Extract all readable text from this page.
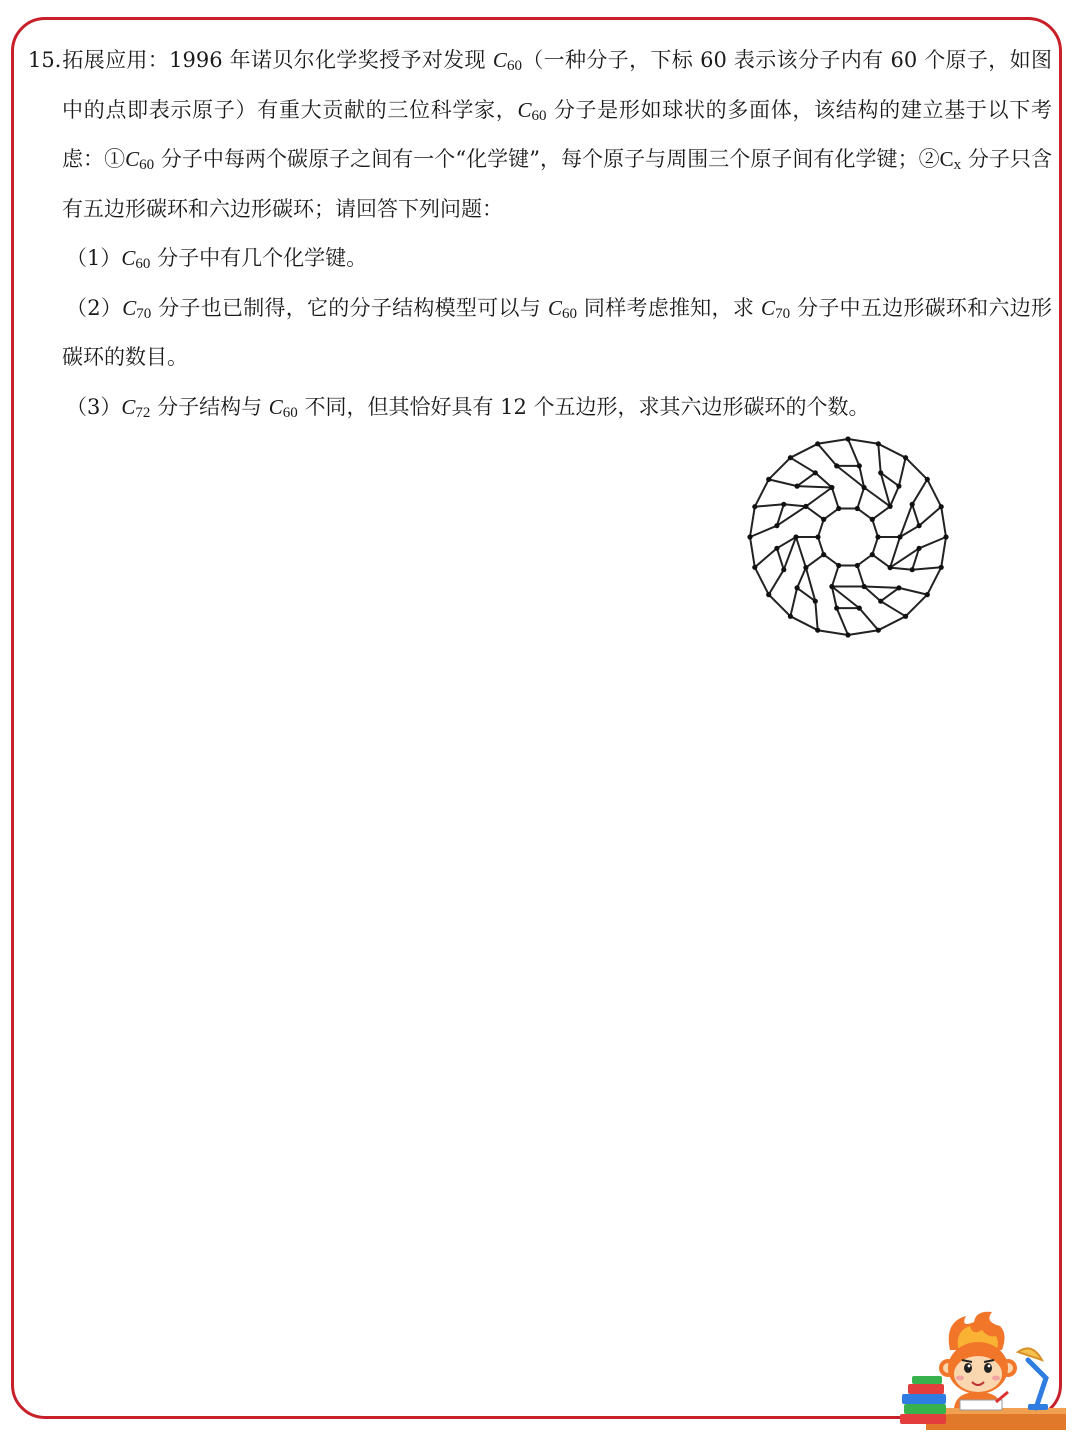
15．拓展应用：1996 年诺贝尔化学奖授予对发现 $C_{60}$（一种分子，下标 60 表示该分子内有 60 个原子，如图中的点即表示原子）有重大贡献的三位科学家，$C_{60}$ 分子是形如球状的多面体，该结构的建立基于以下考虑：$①C_{60}$ 分子中每两个碳原子之间有一个“化学键”，每个原子与周围三个原子间有化学键；$②C_x$ 分子只含有五边形碳环和六边形碳环；请回答下列问题：

$(1)C_{60}$ 分子中有几个化学键。

$(2)C_{70}$ 分子也已制得，它的分子结构模型可以与 $C_{60}$ 同样考虑推知，求 $C_{70}$ 分子中五边形碳环和六边形碳环的数目。

$(3)C_{72}$ 分子结构与 $C_{60}$ 不同，但其恰好具有 12 个五边形，求其六边形碳环的个数。
